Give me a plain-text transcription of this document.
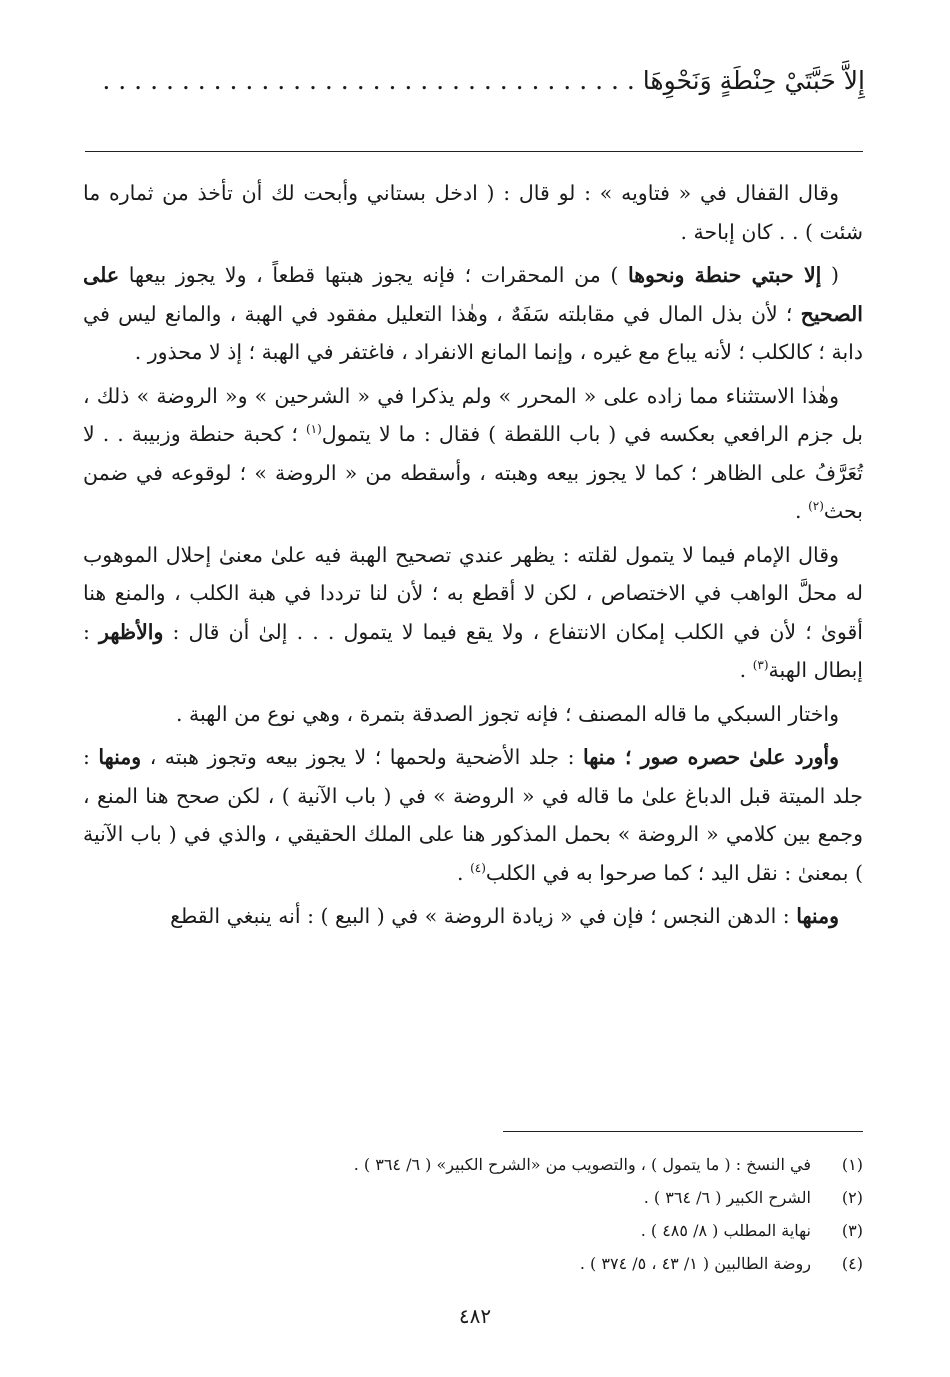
إِلاَّ حَبَّتَيْ حِنْطَةٍ وَنَحْوِهَا . . . . . . . . . . . . . . . . . . . . . . . . . . . . . . . . . .

وقال القفال في « فتاويه » : لو قال : ( ادخل بستاني وأبحت لك أن تأخذ من ثماره ما شئت ) . . كان إباحة .

( إلا حبتي حنطة ونحوها ) من المحقرات ؛ فإنه يجوز هبتها قطعاً ، ولا يجوز بيعها على الصحيح ؛ لأن بذل المال في مقابلته سَفَهٌ ، وهٰذا التعليل مفقود في الهبة ، والمانع ليس في دابة ؛ كالكلب ؛ لأنه يباع مع غيره ، وإنما المانع الانفراد ، فاغتفر في الهبة ؛ إذ لا محذور .

وهٰذا الاستثناء مما زاده على « المحرر » ولم يذكرا في « الشرحين » و« الروضة » ذلك ، بل جزم الرافعي بعكسه في ( باب اللقطة ) فقال : ما لا يتمول$^{(١)}$ ؛ كحبة حنطة وزبيبة . . لا تُعَرَّفُ على الظاهر ؛ كما لا يجوز بيعه وهبته ، وأسقطه من « الروضة » ؛ لوقوعه في ضمن بحث$^{(٢)}$ .

وقال الإمام فيما لا يتمول لقلته : يظهر عندي تصحيح الهبة فيه علىٰ معنىٰ إحلال الموهوب له محلَّ الواهب في الاختصاص ، لكن لا أقطع به ؛ لأن لنا ترددا في هبة الكلب ، والمنع هنا أقوىٰ ؛ لأن في الكلب إمكان الانتفاع ، ولا يقع فيما لا يتمول . . . إلىٰ أن قال : والأظهر : إبطال الهبة$^{(٣)}$ .

واختار السبكي ما قاله المصنف ؛ فإنه تجوز الصدقة بتمرة ، وهي نوع من الهبة .

وأورد علىٰ حصره صور ؛ منها : جلد الأضحية ولحمها ؛ لا يجوز بيعه وتجوز هبته ، ومنها : جلد الميتة قبل الدباغ علىٰ ما قاله في « الروضة » في ( باب الآنية ) ، لكن صحح هنا المنع ، وجمع بين كلامي « الروضة » بحمل المذكور هنا على الملك الحقيقي ، والذي في ( باب الآنية ) بمعنىٰ : نقل اليد ؛ كما صرحوا به في الكلب$^{(٤)}$ .

ومنها : الدهن النجس ؛ فإن في « زيادة الروضة » في ( البيع ) : أنه ينبغي القطع

(١)
في النسخ : ( ما يتمول ) ، والتصويب من «الشرح الكبير» ( ٦/ ٣٦٤ ) .
(٢)
الشرح الكبير ( ٦/ ٣٦٤ ) .
(٣)
نهاية المطلب ( ٨/ ٤٨٥ ) .
(٤)
روضة الطالبين ( ١/ ٤٣ ، ٥/ ٣٧٤ ) .
٤٨٢
